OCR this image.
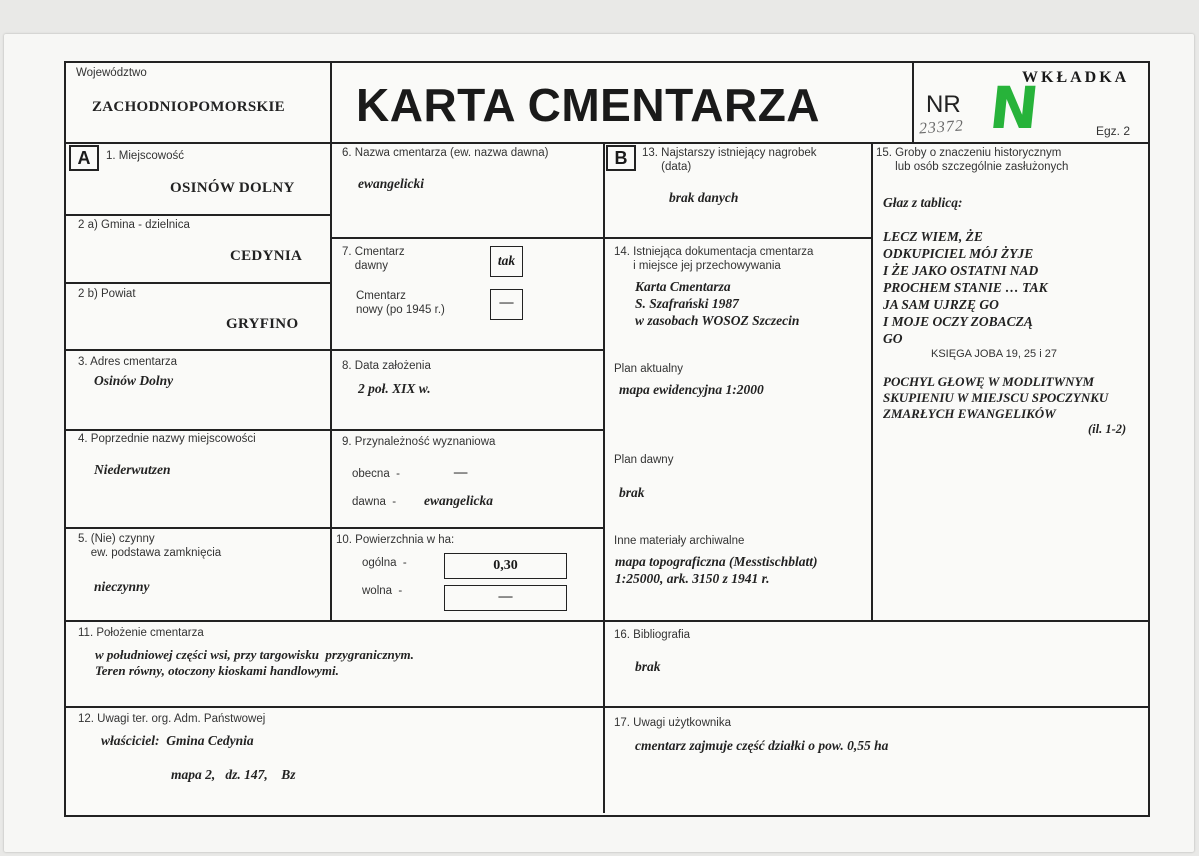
Województwo
ZACHODNIOPOMORSKIE KARTA CMENTARZA
WKŁADKA
NR
23372 N	Egz. 2
A	B
1. Miejscowość
OSINÓW DOLNY
2 a) Gmina - dzielnica
CEDYNIA
2 b) Powiat
GRYFINO
3. Adres cmentarza
Osinów Dolny
4. Poprzednie nazwy miejscowości
Niederwutzen
5. (Nie) czynny
ew. podstawa zamknięcia
nieczynny
6. Nazwa cmentarza (ew. nazwa dawna)
ewangelicki
7. Cmentarz
dawny	tak
Cmentarz
nowy (po 1945 r.)	—
8. Data założenia
2 poł. XIX w.
9. Przynależność wyznaniowa
obecna  -	—
dawna  - ewangelicka
10. Powierzchnia w ha:
ogólna  -	0,30
wolna  -	—
13. Najstarszy istniejący nagrobek
(data)
brak danych
14. Istniejąca dokumentacja cmentarza
i miejsce jej przechowywania
Karta Cmentarza
S. Szafrański 1987
w zasobach WOSOZ Szczecin
Plan aktualny
mapa ewidencyjna 1:2000
Plan dawny
brak
Inne materiały archiwalne
mapa topograficzna (Messtischblatt)
1:25000, ark. 3150 z 1941 r.
15. Groby o znaczeniu historycznym
lub osób szczególnie zasłużonych
Głaz z tablicą:
LECZ WIEM, ŻE
ODKUPICIEL MÓJ ŻYJE
I ŻE JAKO OSTATNI NAD
PROCHEM STANIE … TAK
JA SAM UJRZĘ GO
I MOJE OCZY ZOBACZĄ
GO
KSIĘGA JOBA 19, 25 i 27
POCHYL GŁOWĘ W MODLITWNYM
SKUPIENIU W MIEJSCU SPOCZYNKU
ZMARŁYCH EWANGELIKÓW
(il. 1-2)
11. Położenie cmentarza
w południowej części wsi, przy targowisku  przygranicznym.
Teren równy, otoczony kioskami handlowymi.
16. Bibliografia
brak
12. Uwagi ter. org. Adm. Państwowej
właściciel:  Gmina Cedynia
mapa 2,   dz. 147,    Bz
17. Uwagi użytkownika
cmentarz zajmuje część działki o pow. 0,55 ha
